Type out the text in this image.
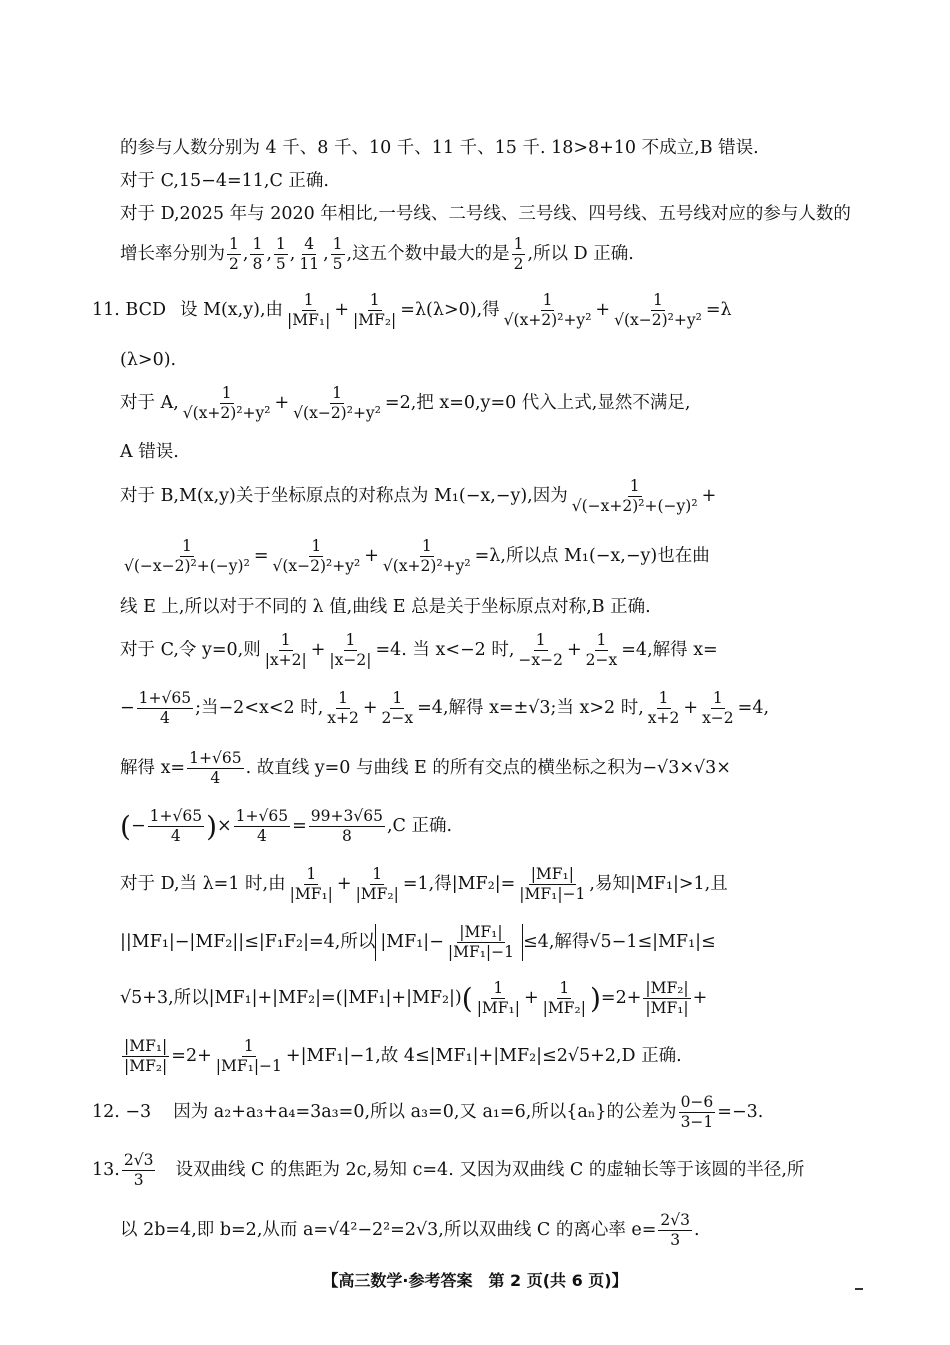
的参与人数分别为 4 千、8 千、10 千、11 千、15 千. 18>8+10 不成立,B 错误.
对于 C,15−4=11,C 正确.
对于 D,2025 年与 2020 年相比,一号线、二号线、三号线、四号线、五号线对应的参与人数的
增长率分别为
1
2 ,
1
8 ,
1
5 ,
4
11 ,
1
5 ,这五个数中最大的是
1
2 ,所以 D 正确.
11. BCD 设 M(x,y),由
1
$|MF_1| + \frac{1}{\text{|MF₂|}} =\lambda(\lambda>0)$,得
1
$√(x+2)^2+y^2 + \frac{1}{\text{√(x−2)²+y²}} =\lambda$
(λ>0).
对于 A,
1
$√(x+2)^2+y^2 + \frac{1}{\text{√(x−2)²+y²}} =2$,把 x=0,y=0 代入上式,显然不满足,
A 错误.
对于 B,M(x,y)关于坐标原点的对称点为 M₁(−x,−y),因为
1
√(−x+2)²+(−y)² +
1
√(−x−2)²+(−y)² =
1
$√(x-2)^2+y^2 + \frac{1}{\text{√(x+2)²+y²}} =\lambda$,所以点 M₁(−x,−y)也在曲
线 E 上,所以对于不同的 λ 值,曲线 E 总是关于坐标原点对称,B 正确.
对于 C,令 y=0,则
1
$|x+2| + \frac{1}{|x-2|} =4$. 当 x<−2 时,
1
$-x-2 + \frac{1}{2-x} =4$,解得 x=
− $\frac{1+√65}{4}$ ;当−2<x<2 时,
1
$x+2 + \frac{1}{2-x} =4$,解得 x=±√3;当 x>2 时,
1
$x+2 + \frac{1}{x-2} =4$,
解得 $x= \frac{1+√65}{4}$ . 故直线 y=0 与曲线 E 的所有交点的横坐标之积为−√3×√3×
( −
1+√65
4 ) ×
1+√65
4 =
99+3√65
8 ,C 正确.
对于 D,当 λ=1 时,由
1
$|MF_1| + \frac{1}{\text{|MF₂|}} =1$,得$|MF_2|= \frac{\text{|MF₁|}}{\text{|MF₁|−1}}$ ,易知|MF₁|>1,且
||MF₁|−|MF₂||≤|F₁F₂|=4,所以 $|MF_1|- \frac{\text{|MF₁|}}{\text{|MF₁|−1}} \le 4$,解得√5−1≤|MF₁|≤
√5+3,所以|MF₁|+|MF₂|=(|MF₁|+|MF₂|) ( 1
|MF₁| +
1
|MF₂| ) $=2+ \frac{\text{|MF₂|}}{\text{|MF₁|}}$ +
$\frac{\text{|MF₁|}}{\text{|MF₂|}} =2+ \frac{1}{\text{|MF₁|−1}} +|MF_1|-1$,故 4≤|MF₁|+|MF₂|≤2√5+2,D 正确.
12. −3 因为 a₂+a₃+a₄=3a₃=0,所以 a₃=0,又 a₁=6,所以{aₙ}的公差为 $\frac{0-6}{3-1} =-3$.
13.
2√3
3 设双曲线 C 的焦距为 2c,易知 c=4. 又因为双曲线 C 的虚轴长等于该圆的半径,所
以 2b=4,即 b=2,从而 a= √4²−2² =2√3,所以双曲线 C 的离心率 $e= \frac{2√3}{3}$ .
【高三数学·参考答案　第 2 页(共 6 页)】
